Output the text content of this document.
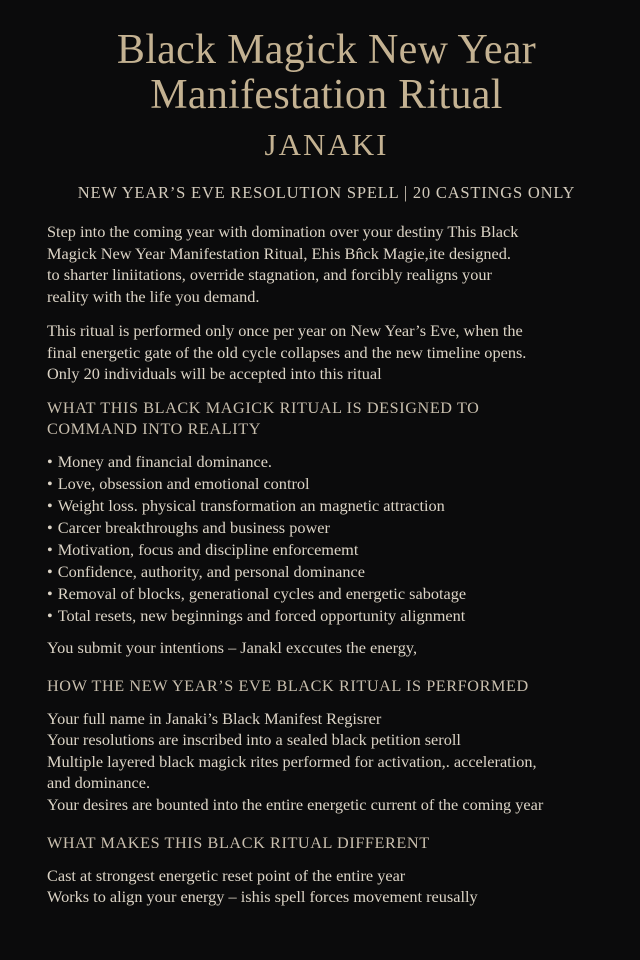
Black Magick New Year
Manifestation Ritual
JANAKI
NEW YEAR’S EVE RESOLUTION SPELL | 20 CASTINGS ONLY

Step into the coming year with domination over your destiny This Black
Magick New Year Manifestation Ritual, Ehis Bn̂ck Magie,ite designed.
to sharter liniitations, override stagnation, and forcibly realigns your
reality with the life you demand.

This ritual is performed only once per year on New Year’s Eve, when the
final energetic gate of the old cycle collapses and the new timeline opens.
Only 20 individuals will be accepted into this ritual

WHAT THIS BLACK MAGICK RITUAL IS DESIGNED TO
COMMAND INTO REALITY
• Money and financial dominance.
• Love, obsession and emotional control
• Weight loss. physical transformation an magnetic attraction
• Carcer breakthroughs and business power
• Motivation, focus and discipline enforcememt
• Confidence, authority, and personal dominance
• Removal of blocks, generational cycles and energetic sabotage
• Total resets, new beginnings and forced opportunity alignment

You submit your intentions – Janakl exccutes the energy,

HOW THE NEW YEAR’S EVE BLACK RITUAL IS PERFORMED

Your full name in Janaki’s Black Manifest Regisrer
Your resolutions are inscribed into a sealed black petition seroll
Multiple layered black magick rites performed for activation,. acceleration,
and dominance.
Your desires are bounted into the entire energetic current of the coming year

WHAT MAKES THIS BLACK RITUAL DIFFERENT

Cast at strongest energetic reset point of the entire year
Works to align your energy – ishis spell forces movement reusally
